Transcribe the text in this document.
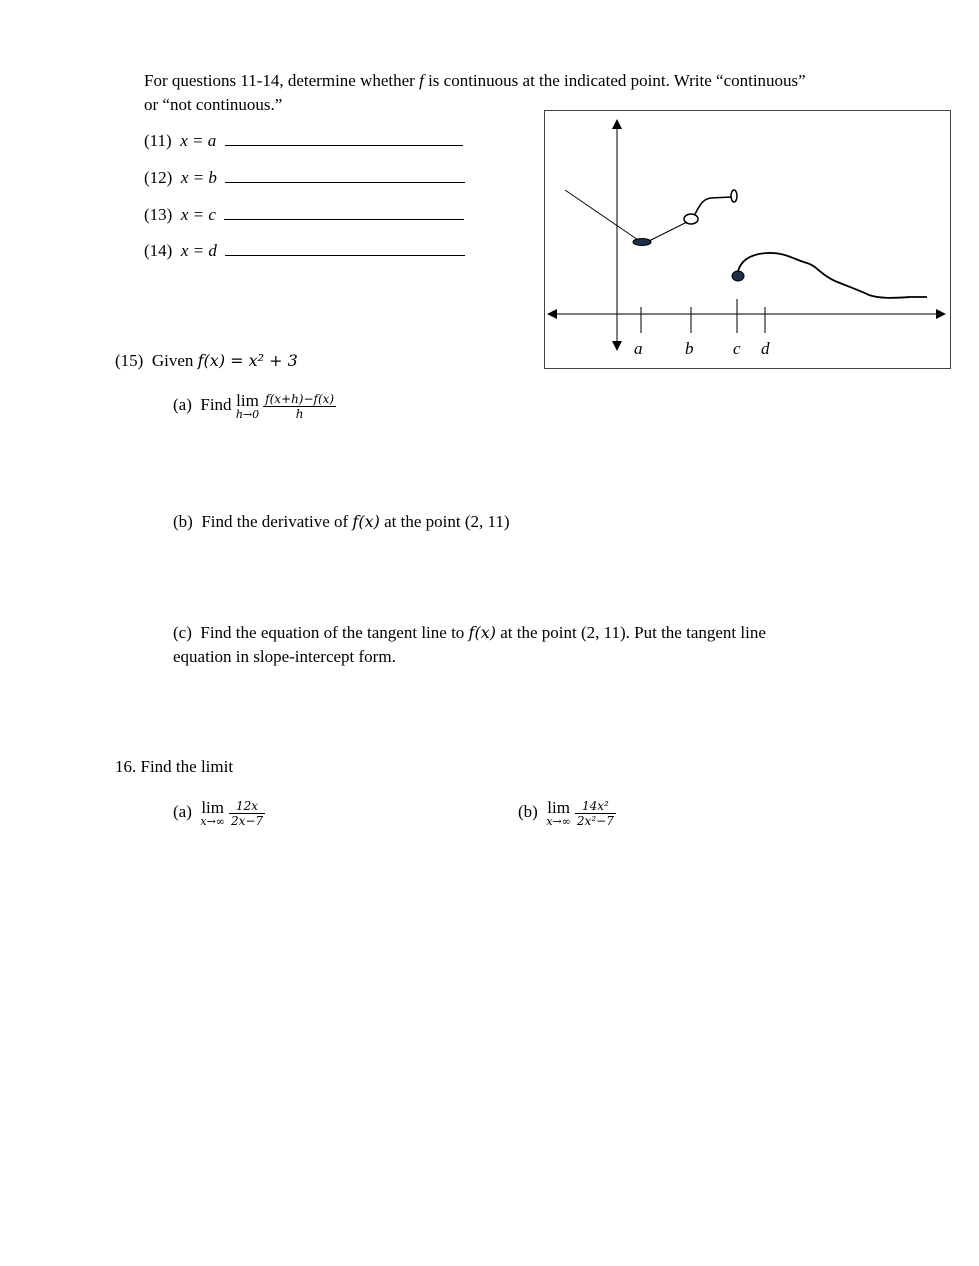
For questions 11-14, determine whether f is continuous at the indicated point. Write “continuous”
or “not continuous.”
(11) x = a
(12) x = b
(13) x = c
(14) x = d
a	b c d
(15) Given f(x) = x² + 3
(a) Find lim
$h\to 0 \frac{f(x+h)-f(x)}{h}$
(b) Find the derivative of f(x) at the point (2, 11)
(c) Find the equation of the tangent line to f(x) at the point (2, 11). Put the tangent line
equation in slope-intercept form.
16. Find the limit
(a) lim
$x\to\infty \frac{12x}{2x-7}$	(b) lim
$x\to\infty \frac{\text{14x²}}{\text{2x²−7}}$
